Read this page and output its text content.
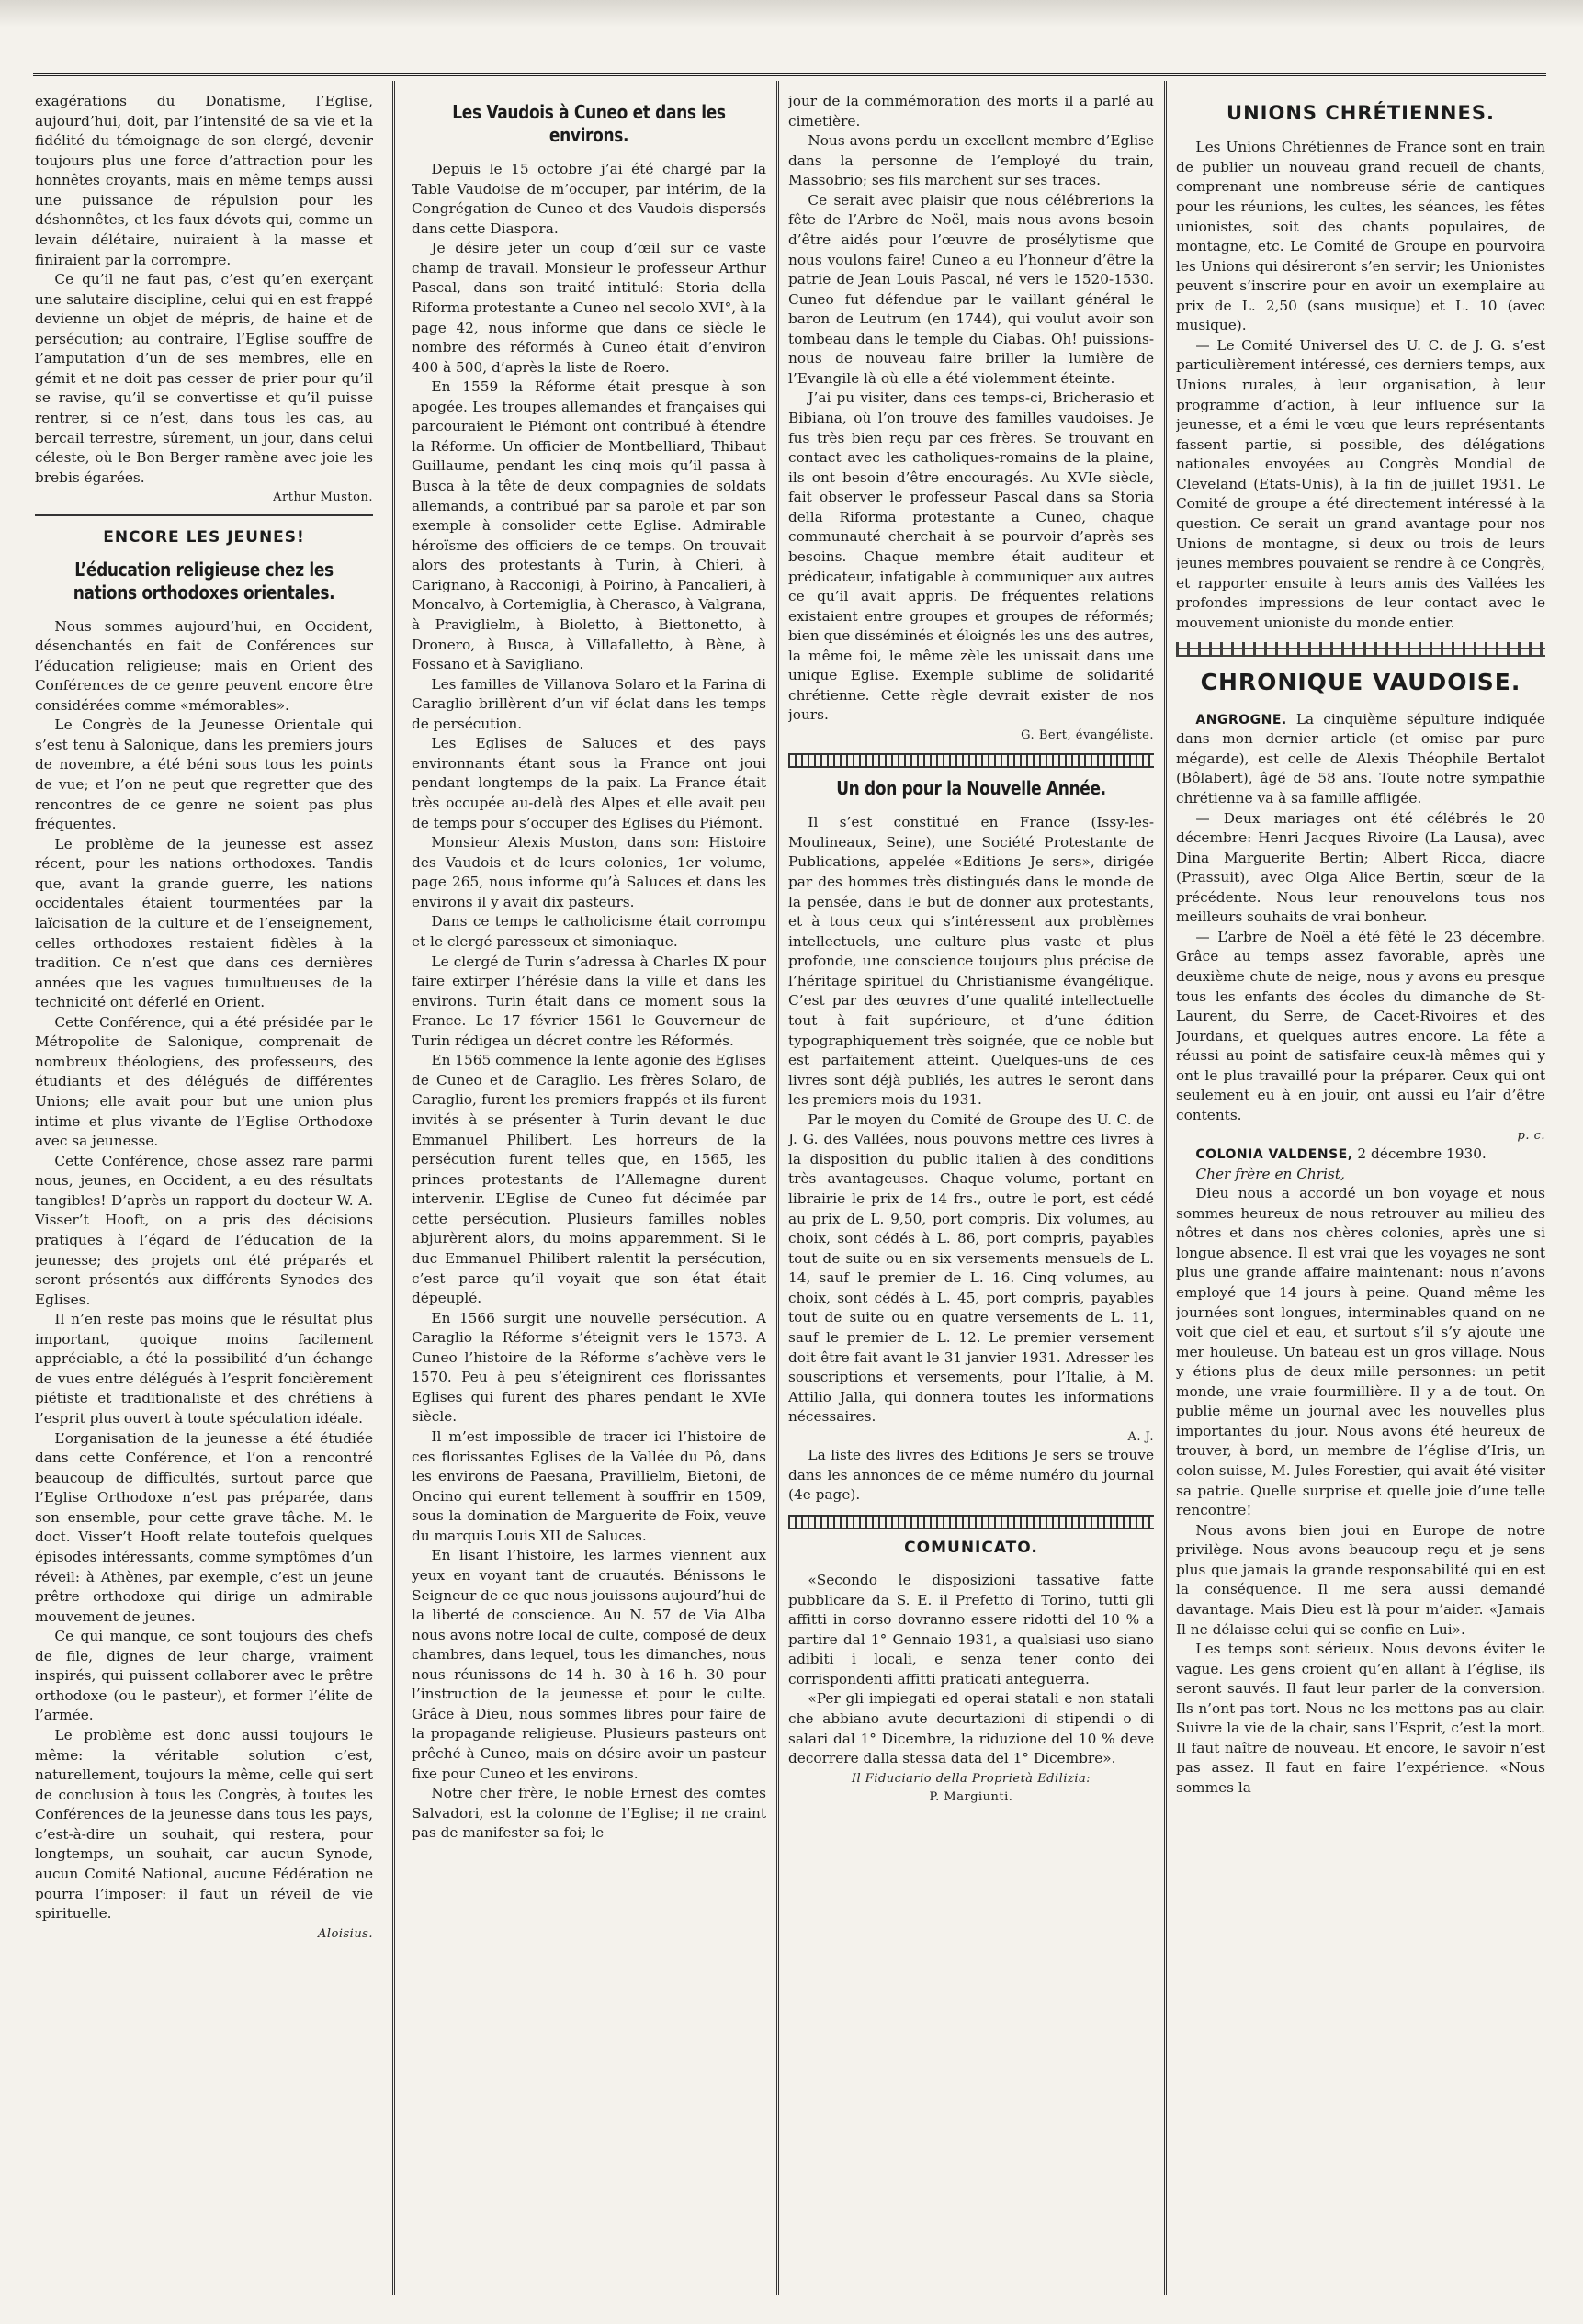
exagérations du Donatisme, l’Eglise, aujourd’hui, doit, par l’intensité de sa vie et la fidélité du témoignage de son clergé, devenir toujours plus une force d’attraction pour les honnêtes croyants, mais en même temps aussi une puissance de répulsion pour les déshonnêtes, et les faux dévots qui, comme un levain délétaire, nuiraient à la masse et finiraient par la corrompre.

Ce qu’il ne faut pas, c’est qu’en exerçant une salutaire discipline, celui qui en est frappé devienne un objet de mépris, de haine et de persécution; au contraire, l’Eglise souffre de l’amputation d’un de ses membres, elle en gémit et ne doit pas cesser de prier pour qu’il se ravise, qu’il se convertisse et qu’il puisse rentrer, si ce n’est, dans tous les cas, au bercail terrestre, sûrement, un jour, dans celui céleste, où le Bon Berger ramène avec joie les brebis égarées.

Arthur Muston.
ENCORE LES JEUNES!
L’éducation religieuse chez les nations orthodoxes orientales.

Nous sommes aujourd’hui, en Occident, désenchantés en fait de Conférences sur l’éducation religieuse; mais en Orient des Conférences de ce genre peuvent encore être considérées comme «mémorables».

Le Congrès de la Jeunesse Orientale qui s’est tenu à Salonique, dans les premiers jours de novembre, a été béni sous tous les points de vue; et l’on ne peut que regretter que des rencontres de ce genre ne soient pas plus fréquentes.

Le problème de la jeunesse est assez récent, pour les nations orthodoxes. Tandis que, avant la grande guerre, les nations occidentales étaient tourmentées par la laïcisation de la culture et de l’enseignement, celles orthodoxes restaient fidèles à la tradition. Ce n’est que dans ces dernières années que les vagues tumultueuses de la technicité ont déferlé en Orient.

Cette Conférence, qui a été présidée par le Métropolite de Salonique, comprenait de nombreux théologiens, des professeurs, des étudiants et des délégués de différentes Unions; elle avait pour but une union plus intime et plus vivante de l’Eglise Orthodoxe avec sa jeunesse.

Cette Conférence, chose assez rare parmi nous, jeunes, en Occident, a eu des résultats tangibles! D’après un rapport du docteur W. A. Visser’t Hooft, on a pris des décisions pratiques à l’égard de l’éducation de la jeunesse; des projets ont été préparés et seront présentés aux différents Synodes des Eglises.

Il n’en reste pas moins que le résultat plus important, quoique moins facilement appréciable, a été la possibilité d’un échange de vues entre délégués à l’esprit foncièrement piétiste et traditionaliste et des chrétiens à l’esprit plus ouvert à toute spéculation idéale.

L’organisation de la jeunesse a été étudiée dans cette Conférence, et l’on a rencontré beaucoup de difficultés, surtout parce que l’Eglise Orthodoxe n’est pas préparée, dans son ensemble, pour cette grave tâche. M. le doct. Visser’t Hooft relate toutefois quelques épisodes intéressants, comme symptômes d’un réveil: à Athènes, par exemple, c’est un jeune prêtre orthodoxe qui dirige un admirable mouvement de jeunes.

Ce qui manque, ce sont toujours des chefs de file, dignes de leur charge, vraiment inspirés, qui puissent collaborer avec le prêtre orthodoxe (ou le pasteur), et former l’élite de l’armée.

Le problème est donc aussi toujours le même: la véritable solution c’est, naturellement, toujours la même, celle qui sert de conclusion à tous les Congrès, à toutes les Conférences de la jeunesse dans tous les pays, c’est-à-dire un souhait, qui restera, pour longtemps, un souhait, car aucun Synode, aucun Comité National, aucune Fédération ne pourra l’imposer: il faut un réveil de vie spirituelle.

Aloisius.
Les Vaudois à Cuneo et dans les environs.

Depuis le 15 octobre j’ai été chargé par la Table Vaudoise de m’occuper, par intérim, de la Congrégation de Cuneo et des Vaudois dispersés dans cette Diaspora.

Je désire jeter un coup d’œil sur ce vaste champ de travail. Monsieur le professeur Arthur Pascal, dans son traité intitulé: Storia della Riforma protestante a Cuneo nel secolo XVI°, à la page 42, nous informe que dans ce siècle le nombre des réformés à Cuneo était d’environ 400 à 500, d’après la liste de Roero.

En 1559 la Réforme était presque à son apogée. Les troupes allemandes et françaises qui parcouraient le Piémont ont contribué à étendre la Réforme. Un officier de Montbelliard, Thibaut Guillaume, pendant les cinq mois qu’il passa à Busca à la tête de deux compagnies de soldats allemands, a contribué par sa parole et par son exemple à consolider cette Eglise. Admirable héroïsme des officiers de ce temps. On trouvait alors des protestants à Turin, à Chieri, à Carignano, à Racconigi, à Poirino, à Pancalieri, à Moncalvo, à Cortemiglia, à Cherasco, à Valgrana, à Praviglielm, à Bioletto, à Biettonetto, à Dronero, à Busca, à Villafalletto, à Bène, à Fossano et à Savigliano.

Les familles de Villanova Solaro et la Farina di Caraglio brillèrent d’un vif éclat dans les temps de persécution.

Les Eglises de Saluces et des pays environnants étant sous la France ont joui pendant longtemps de la paix. La France était très occupée au-delà des Alpes et elle avait peu de temps pour s’occuper des Eglises du Piémont.

Monsieur Alexis Muston, dans son: Histoire des Vaudois et de leurs colonies, 1er volume, page 265, nous informe qu’à Saluces et dans les environs il y avait dix pasteurs.

Dans ce temps le catholicisme était corrompu et le clergé paresseux et simoniaque.

Le clergé de Turin s’adressa à Charles IX pour faire extirper l’hérésie dans la ville et dans les environs. Turin était dans ce moment sous la France. Le 17 février 1561 le Gouverneur de Turin rédigea un décret contre les Réformés.

En 1565 commence la lente agonie des Eglises de Cuneo et de Caraglio. Les frères Solaro, de Caraglio, furent les premiers frappés et ils furent invités à se présenter à Turin devant le duc Emmanuel Philibert. Les horreurs de la persécution furent telles que, en 1565, les princes protestants de l’Allemagne durent intervenir. L’Eglise de Cuneo fut décimée par cette persécution. Plusieurs familles nobles abjurèrent alors, du moins apparemment. Si le duc Emmanuel Philibert ralentit la persécution, c’est parce qu’il voyait que son état était dépeuplé.

En 1566 surgit une nouvelle persécution. A Caraglio la Réforme s’éteignit vers le 1573. A Cuneo l’histoire de la Réforme s’achève vers le 1570. Peu à peu s’éteignirent ces florissantes Eglises qui furent des phares pendant le XVIe siècle.

Il m’est impossible de tracer ici l’histoire de ces florissantes Eglises de la Vallée du Pô, dans les environs de Paesana, Pravillielm, Bietoni, de Oncino qui eurent tellement à souffrir en 1509, sous la domination de Marguerite de Foix, veuve du marquis Louis XII de Saluces.

En lisant l’histoire, les larmes viennent aux yeux en voyant tant de cruautés. Bénissons le Seigneur de ce que nous jouissons aujourd’hui de la liberté de conscience. Au N. 57 de Via Alba nous avons notre local de culte, composé de deux chambres, dans lequel, tous les dimanches, nous nous réunissons de 14 h. 30 à 16 h. 30 pour l’instruction de la jeunesse et pour le culte. Grâce à Dieu, nous sommes libres pour faire de la propagande religieuse. Plusieurs pasteurs ont prêché à Cuneo, mais on désire avoir un pasteur fixe pour Cuneo et les environs.

Notre cher frère, le noble Ernest des comtes Salvadori, est la colonne de l’Eglise; il ne craint pas de manifester sa foi; le

jour de la commémoration des morts il a parlé au cimetière.

Nous avons perdu un excellent membre d’Eglise dans la personne de l’employé du train, Massobrio; ses fils marchent sur ses traces.

Ce serait avec plaisir que nous célébrerions la fête de l’Arbre de Noël, mais nous avons besoin d’être aidés pour l’œuvre de prosélytisme que nous voulons faire! Cuneo a eu l’honneur d’être la patrie de Jean Louis Pascal, né vers le 1520-1530. Cuneo fut défendue par le vaillant général le baron de Leutrum (en 1744), qui voulut avoir son tombeau dans le temple du Ciabas. Oh! puissions-nous de nouveau faire briller la lumière de l’Evangile là où elle a été violemment éteinte.

J’ai pu visiter, dans ces temps-ci, Bricherasio et Bibiana, où l’on trouve des familles vaudoises. Je fus très bien reçu par ces frères. Se trouvant en contact avec les catholiques-romains de la plaine, ils ont besoin d’être encouragés. Au XVIe siècle, fait observer le professeur Pascal dans sa Storia della Riforma protestante a Cuneo, chaque communauté cherchait à se pourvoir d’après ses besoins. Chaque membre était auditeur et prédicateur, infatigable à communiquer aux autres ce qu’il avait appris. De fréquentes relations existaient entre groupes et groupes de réformés; bien que disséminés et éloignés les uns des autres, la même foi, le même zèle les unissait dans une unique Eglise. Exemple sublime de solidarité chrétienne. Cette règle devrait exister de nos jours.

G. Bert, évangéliste.
Un don pour la Nouvelle Année.

Il s’est constitué en France (Issy-les-Moulineaux, Seine), une Société Protestante de Publications, appelée «Editions Je sers», dirigée par des hommes très distingués dans le monde de la pensée, dans le but de donner aux protestants, et à tous ceux qui s’intéressent aux problèmes intellectuels, une culture plus vaste et plus profonde, une conscience toujours plus précise de l’héritage spirituel du Christianisme évangélique. C’est par des œuvres d’une qualité intellectuelle tout à fait supérieure, et d’une édition typographiquement très soignée, que ce noble but est parfaitement atteint. Quelques-uns de ces livres sont déjà publiés, les autres le seront dans les premiers mois du 1931.

Par le moyen du Comité de Groupe des U. C. de J. G. des Vallées, nous pouvons mettre ces livres à la disposition du public italien à des conditions très avantageuses. Chaque volume, portant en librairie le prix de 14 frs., outre le port, est cédé au prix de L. 9,50, port compris. Dix volumes, au choix, sont cédés à L. 86, port compris, payables tout de suite ou en six versements mensuels de L. 14, sauf le premier de L. 16. Cinq volumes, au choix, sont cédés à L. 45, port compris, payables tout de suite ou en quatre versements de L. 11, sauf le premier de L. 12. Le premier versement doit être fait avant le 31 janvier 1931. Adresser les souscriptions et versements, pour l’Italie, à M. Attilio Jalla, qui donnera toutes les informations nécessaires.

A. J.

La liste des livres des Editions Je sers se trouve dans les annonces de ce même numéro du journal (4e page).

COMUNICATO.

«Secondo le disposizioni tassative fatte pubblicare da S. E. il Prefetto di Torino, tutti gli affitti in corso dovranno essere ridotti del 10 % a partire dal 1° Gennaio 1931, a qualsiasi uso siano adibiti i locali, e senza tener conto dei corrispondenti affitti praticati anteguerra.

«Per gli impiegati ed operai statali e non statali che abbiano avute decurtazioni di stipendi o di salari dal 1° Dicembre, la riduzione del 10 % deve decorrere dalla stessa data del 1° Dicembre».

Il Fiduciario della Proprietà Edilizia:
P. Margiunti.
UNIONS CHRÉTIENNES.

Les Unions Chrétiennes de France sont en train de publier un nouveau grand recueil de chants, comprenant une nombreuse série de cantiques pour les réunions, les cultes, les séances, les fêtes unionistes, soit des chants populaires, de montagne, etc. Le Comité de Groupe en pourvoira les Unions qui désireront s’en servir; les Unionistes peuvent s’inscrire pour en avoir un exemplaire au prix de L. 2,50 (sans musique) et L. 10 (avec musique).

— Le Comité Universel des U. C. de J. G. s’est particulièrement intéressé, ces derniers temps, aux Unions rurales, à leur organisation, à leur programme d’action, à leur influence sur la jeunesse, et a émi le vœu que leurs représentants fassent partie, si possible, des délégations nationales envoyées au Congrès Mondial de Cleveland (Etats-Unis), à la fin de juillet 1931. Le Comité de groupe a été directement intéressé à la question. Ce serait un grand avantage pour nos Unions de montagne, si deux ou trois de leurs jeunes membres pouvaient se rendre à ce Congrès, et rapporter ensuite à leurs amis des Vallées les profondes impressions de leur contact avec le mouvement unioniste du monde entier.

CHRONIQUE VAUDOISE.

ANGROGNE. La cinquième sépulture indiquée dans mon dernier article (et omise par pure mégarde), est celle de Alexis Théophile Bertalot (Bôlabert), âgé de 58 ans. Toute notre sympathie chrétienne va à sa famille affligée.

— Deux mariages ont été célébrés le 20 décembre: Henri Jacques Rivoire (La Lausa), avec Dina Marguerite Bertin; Albert Ricca, diacre (Prassuit), avec Olga Alice Bertin, sœur de la précédente. Nous leur renouvelons tous nos meilleurs souhaits de vrai bonheur.

— L’arbre de Noël a été fêté le 23 décembre. Grâce au temps assez favorable, après une deuxième chute de neige, nous y avons eu presque tous les enfants des écoles du dimanche de St-Laurent, du Serre, de Cacet-Rivoires et des Jourdans, et quelques autres encore. La fête a réussi au point de satisfaire ceux-là mêmes qui y ont le plus travaillé pour la préparer. Ceux qui ont seulement eu à en jouir, ont aussi eu l’air d’être contents.

p. c.

COLONIA VALDENSE, 2 décembre 1930.

Cher frère en Christ,

Dieu nous a accordé un bon voyage et nous sommes heureux de nous retrouver au milieu des nôtres et dans nos chères colonies, après une si longue absence. Il est vrai que les voyages ne sont plus une grande affaire maintenant: nous n’avons employé que 14 jours à peine. Quand même les journées sont longues, interminables quand on ne voit que ciel et eau, et surtout s’il s’y ajoute une mer houleuse. Un bateau est un gros village. Nous y étions plus de deux mille personnes: un petit monde, une vraie fourmillière. Il y a de tout. On publie même un journal avec les nouvelles plus importantes du jour. Nous avons été heureux de trouver, à bord, un membre de l’église d’Iris, un colon suisse, M. Jules Forestier, qui avait été visiter sa patrie. Quelle surprise et quelle joie d’une telle rencontre!

Nous avons bien joui en Europe de notre privilège. Nous avons beaucoup reçu et je sens plus que jamais la grande responsabilité qui en est la conséquence. Il me sera aussi demandé davantage. Mais Dieu est là pour m’aider. «Jamais Il ne délaisse celui qui se confie en Lui».

Les temps sont sérieux. Nous devons éviter le vague. Les gens croient qu’en allant à l’église, ils seront sauvés. Il faut leur parler de la conversion. Ils n’ont pas tort. Nous ne les mettons pas au clair. Suivre la vie de la chair, sans l’Esprit, c’est la mort. Il faut naître de nouveau. Et encore, le savoir n’est pas assez. Il faut en faire l’expérience. «Nous sommes la
